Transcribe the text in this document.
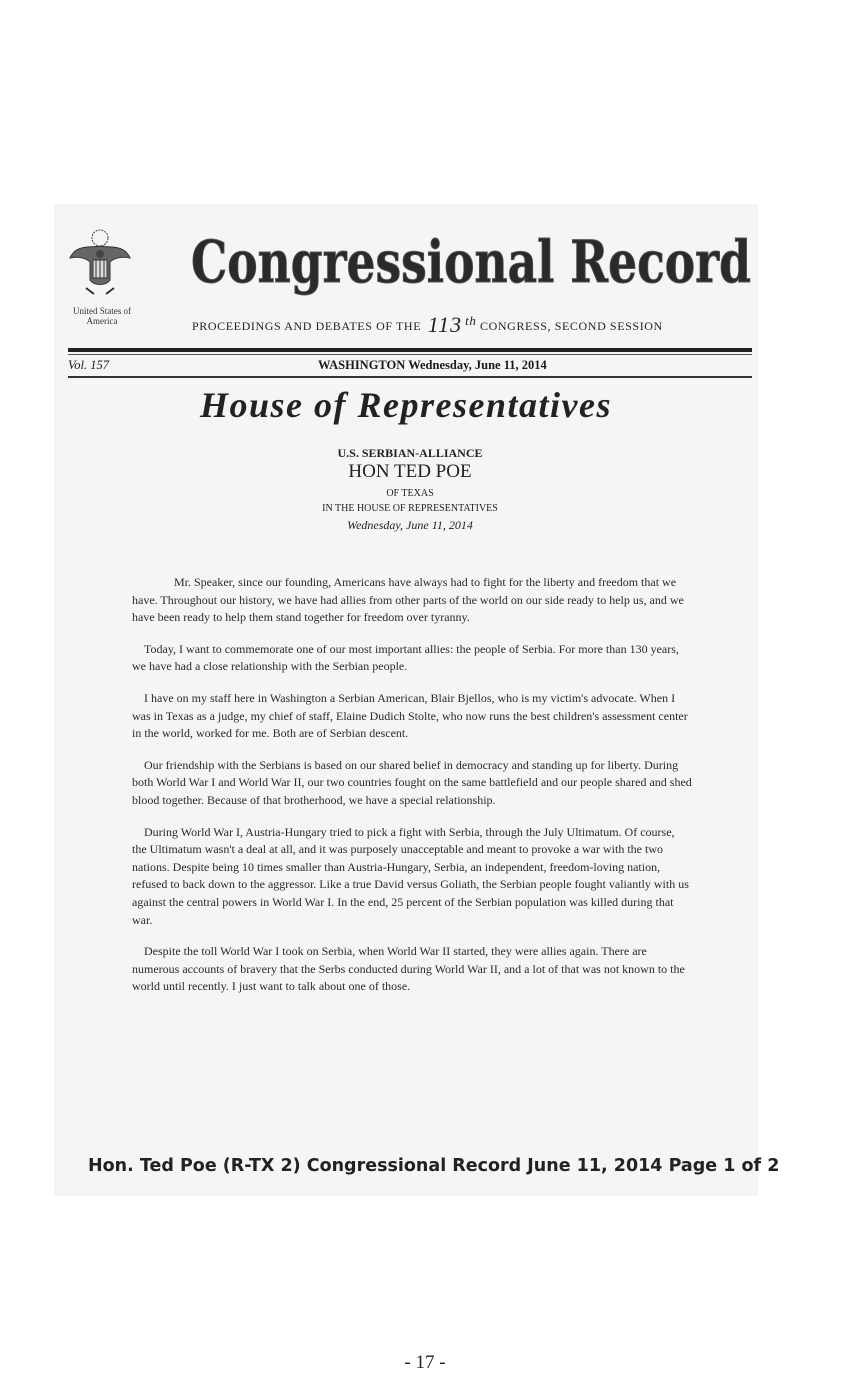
United States of America
Congressional Record
PROCEEDINGS AND DEBATES OF THE 113 $^{th}$ CONGRESS, SECOND SESSION
Vol. 157	WASHINGTON Wednesday, June 11, 2014
House of Representatives
U.S. SERBIAN-ALLIANCE
HON TED POE
OF TEXAS
IN THE HOUSE OF REPRESENTATIVES
Wednesday, June 11, 2014

Mr. Speaker, since our founding, Americans have always had to fight for the liberty and freedom that we have. Throughout our history, we have had allies from other parts of the world on our side ready to help us, and we have been ready to help them stand together for freedom over tyranny.

Today, I want to commemorate one of our most important allies: the people of Serbia. For more than 130 years, we have had a close relationship with the Serbian people.

I have on my staff here in Washington a Serbian American, Blair Bjellos, who is my victim's advocate. When I was in Texas as a judge, my chief of staff, Elaine Dudich Stolte, who now runs the best children's assessment center in the world, worked for me. Both are of Serbian descent.

Our friendship with the Serbians is based on our shared belief in democracy and standing up for liberty. During both World War I and World War II, our two countries fought on the same battlefield and our people shared and shed blood together. Because of that brotherhood, we have a special relationship.

During World War I, Austria-Hungary tried to pick a fight with Serbia, through the July Ultimatum. Of course, the Ultimatum wasn't a deal at all, and it was purposely unacceptable and meant to provoke a war with the two nations. Despite being 10 times smaller than Austria-Hungary, Serbia, an independent, freedom-loving nation, refused to back down to the aggressor. Like a true David versus Goliath, the Serbian people fought valiantly with us against the central powers in World War I. In the end, 25 percent of the Serbian population was killed during that war.

Despite the toll World War I took on Serbia, when World War II started, they were allies again. There are numerous accounts of bravery that the Serbs conducted during World War II, and a lot of that was not known to the world until recently. I just want to talk about one of those.

Hon. Ted Poe (R-TX 2) Congressional Record June 11, 2014 Page 1 of 2
- 17 -
